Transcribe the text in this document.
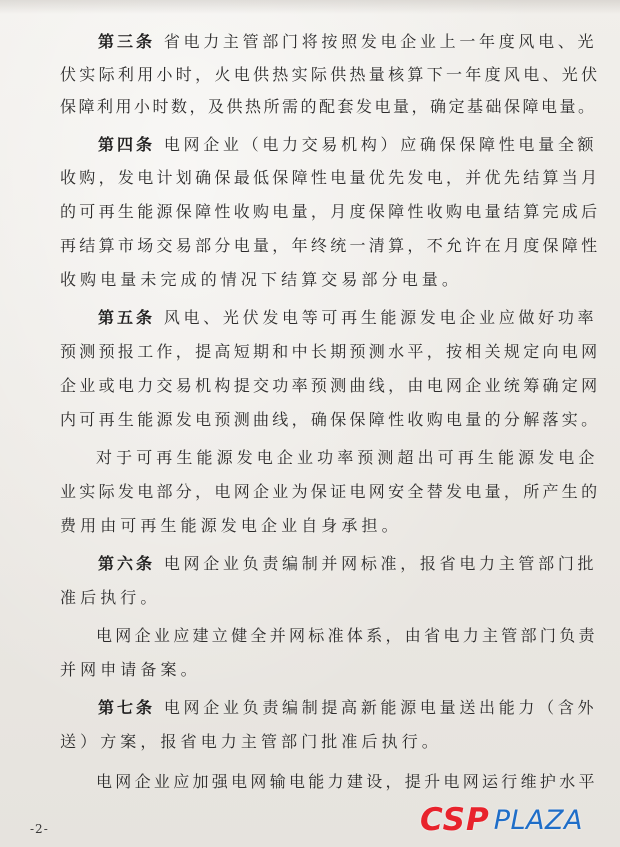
第三条 省电力主管部门将按照发电企业上一年度风电、光
伏实际利用小时，火电供热实际供热量核算下一年度风电、光伏
保障利用小时数，及供热所需的配套发电量，确定基础保障电量。
第四条 电网企业（电力交易机构）应确保保障性电量全额
收购，发电计划确保最低保障性电量优先发电，并优先结算当月
的可再生能源保障性收购电量，月度保障性收购电量结算完成后
再结算市场交易部分电量，年终统一清算，不允许在月度保障性
收购电量未完成的情况下结算交易部分电量。
第五条 风电、光伏发电等可再生能源发电企业应做好功率
预测预报工作，提高短期和中长期预测水平，按相关规定向电网
企业或电力交易机构提交功率预测曲线，由电网企业统筹确定网
内可再生能源发电预测曲线，确保保障性收购电量的分解落实。
对于可再生能源发电企业功率预测超出可再生能源发电企
业实际发电部分，电网企业为保证电网安全替发电量，所产生的
费用由可再生能源发电企业自身承担。
第六条 电网企业负责编制并网标准，报省电力主管部门批
准后执行。
电网企业应建立健全并网标准体系，由省电力主管部门负责
并网申请备案。
第七条 电网企业负责编制提高新能源电量送出能力（含外
送）方案，报省电力主管部门批准后执行。
电网企业应加强电网输电能力建设，提升电网运行维护水平
-2-	CSP PLAZA
